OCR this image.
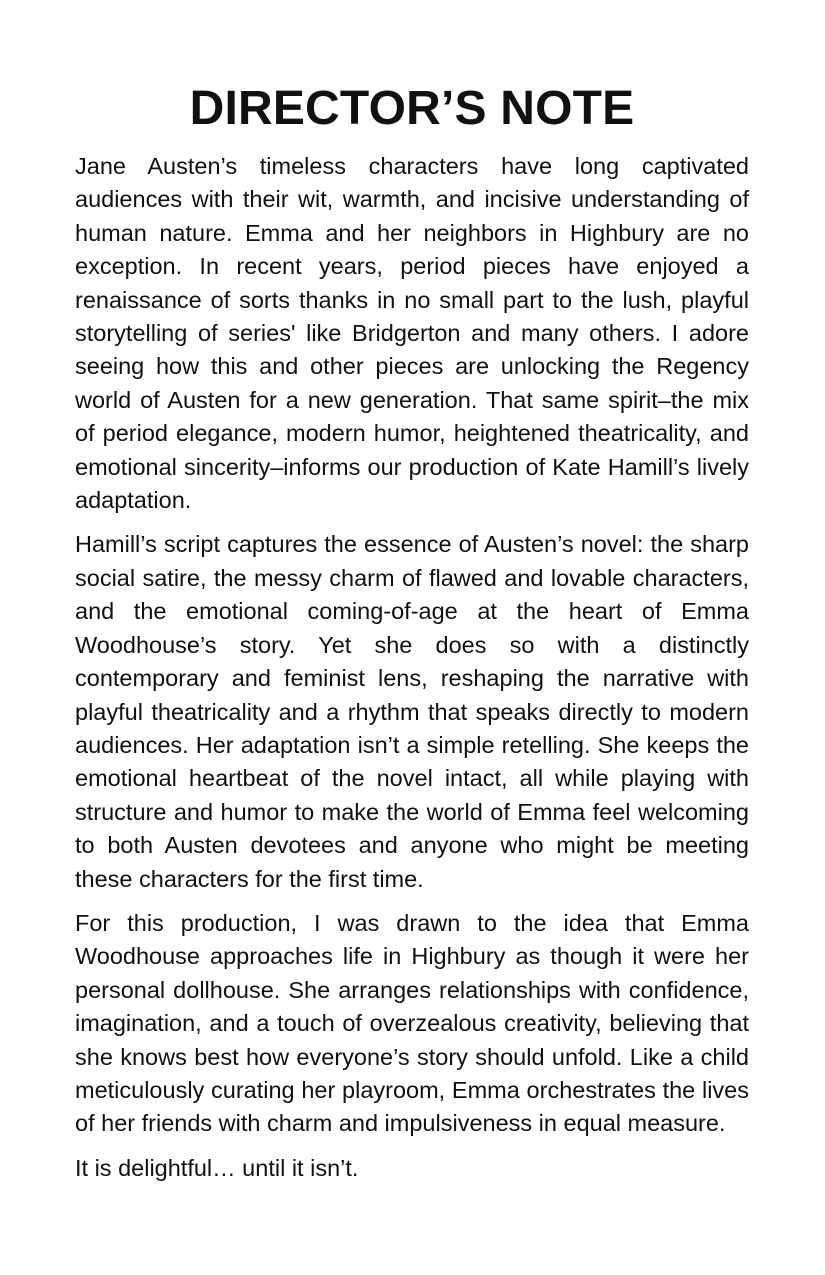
DIRECTOR’S NOTE

Jane Austen’s timeless characters have long captivated audiences with their wit, warmth, and incisive understanding of human nature. Emma and her neighbors in Highbury are no exception. In recent years, period pieces have enjoyed a renaissance of sorts thanks in no small part to the lush, playful storytelling of series' like Bridgerton and many others. I adore seeing how this and other pieces are unlocking the Regency world of Austen for a new generation. That same spirit–the mix of period elegance, modern humor, heightened theatricality, and emotional sincerity–informs our production of Kate Hamill’s lively adaptation.

Hamill’s script captures the essence of Austen’s novel: the sharp social satire, the messy charm of flawed and lovable characters, and the emotional coming-of-age at the heart of Emma Woodhouse’s story. Yet she does so with a distinctly contemporary and feminist lens, reshaping the narrative with playful theatricality and a rhythm that speaks directly to modern audiences. Her adaptation isn’t a simple retelling. She keeps the emotional heartbeat of the novel intact, all while playing with structure and humor to make the world of Emma feel welcoming to both Austen devotees and anyone who might be meeting these characters for the first time.

For this production, I was drawn to the idea that Emma Woodhouse approaches life in Highbury as though it were her personal dollhouse. She arranges relationships with confidence, imagination, and a touch of overzealous creativity, believing that she knows best how everyone’s story should unfold. Like a child meticulously curating her playroom, Emma orchestrates the lives of her friends with charm and impulsiveness in equal measure.

It is delightful… until it isn’t.
